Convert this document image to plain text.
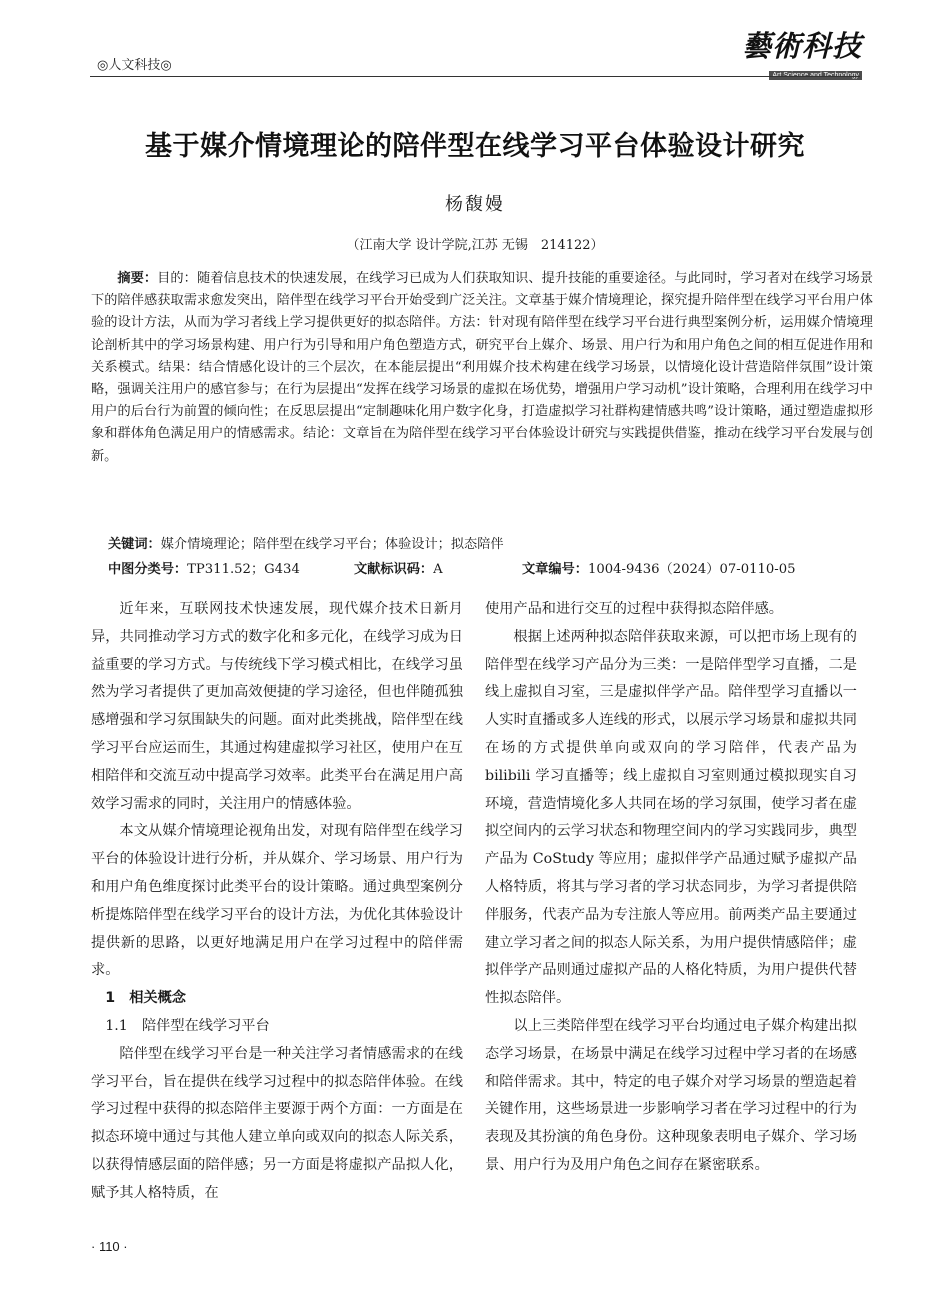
◎人文科技◎
藝術科技
基于媒介情境理论的陪伴型在线学习平台体验设计研究
杨馥嫚
（江南大学 设计学院,江苏 无锡　214122）

摘要：目的：随着信息技术的快速发展，在线学习已成为人们获取知识、提升技能的重要途径。与此同时，学习者对在线学习场景下的陪伴感获取需求愈发突出，陪伴型在线学习平台开始受到广泛关注。文章基于媒介情境理论，探究提升陪伴型在线学习平台用户体验的设计方法，从而为学习者线上学习提供更好的拟态陪伴。方法：针对现有陪伴型在线学习平台进行典型案例分析，运用媒介情境理论剖析其中的学习场景构建、用户行为引导和用户角色塑造方式，研究平台上媒介、场景、用户行为和用户角色之间的相互促进作用和关系模式。结果：结合情感化设计的三个层次，在本能层提出“利用媒介技术构建在线学习场景，以情境化设计营造陪伴氛围”设计策略，强调关注用户的感官参与；在行为层提出“发挥在线学习场景的虚拟在场优势，增强用户学习动机”设计策略，合理利用在线学习中用户的后台行为前置的倾向性；在反思层提出“定制趣味化用户数字化身，打造虚拟学习社群构建情感共鸣”设计策略，通过塑造虚拟形象和群体角色满足用户的情感需求。结论：文章旨在为陪伴型在线学习平台体验设计研究与实践提供借鉴，推动在线学习平台发展与创新。

关键词：媒介情境理论；陪伴型在线学习平台；体验设计；拟态陪伴
中图分类号：TP311.52；G434	文献标识码：A	文章编号：1004-9436（2024）07-0110-05

近年来，互联网技术快速发展，现代媒介技术日新月异，共同推动学习方式的数字化和多元化，在线学习成为日益重要的学习方式。与传统线下学习模式相比，在线学习虽然为学习者提供了更加高效便捷的学习途径，但也伴随孤独感增强和学习氛围缺失的问题。面对此类挑战，陪伴型在线学习平台应运而生，其通过构建虚拟学习社区，使用户在互相陪伴和交流互动中提高学习效率。此类平台在满足用户高效学习需求的同时，关注用户的情感体验。

本文从媒介情境理论视角出发，对现有陪伴型在线学习平台的体验设计进行分析，并从媒介、学习场景、用户行为和用户角色维度探讨此类平台的设计策略。通过典型案例分析提炼陪伴型在线学习平台的设计方法，为优化其体验设计提供新的思路，以更好地满足用户在学习过程中的陪伴需求。

1　相关概念

1.1　陪伴型在线学习平台

陪伴型在线学习平台是一种关注学习者情感需求的在线学习平台，旨在提供在线学习过程中的拟态陪伴体验。在线学习过程中获得的拟态陪伴主要源于两个方面：一方面是在拟态环境中通过与其他人建立单向或双向的拟态人际关系，以获得情感层面的陪伴感；另一方面是将虚拟产品拟人化，赋予其人格特质，在

使用产品和进行交互的过程中获得拟态陪伴感。

根据上述两种拟态陪伴获取来源，可以把市场上现有的陪伴型在线学习产品分为三类：一是陪伴型学习直播，二是线上虚拟自习室，三是虚拟伴学产品。陪伴型学习直播以一人实时直播或多人连线的形式，以展示学习场景和虚拟共同在场的方式提供单向或双向的学习陪伴，代表产品为 bilibili 学习直播等；线上虚拟自习室则通过模拟现实自习环境，营造情境化多人共同在场的学习氛围，使学习者在虚拟空间内的云学习状态和物理空间内的学习实践同步，典型产品为 CoStudy 等应用；虚拟伴学产品通过赋予虚拟产品人格特质，将其与学习者的学习状态同步，为学习者提供陪伴服务，代表产品为专注旅人等应用。前两类产品主要通过建立学习者之间的拟态人际关系，为用户提供情感陪伴；虚拟伴学产品则通过虚拟产品的人格化特质，为用户提供代替性拟态陪伴。

以上三类陪伴型在线学习平台均通过电子媒介构建出拟态学习场景，在场景中满足在线学习过程中学习者的在场感和陪伴需求。其中，特定的电子媒介对学习场景的塑造起着关键作用，这些场景进一步影响学习者在学习过程中的行为表现及其扮演的角色身份。这种现象表明电子媒介、学习场景、用户行为及用户角色之间存在紧密联系。

· 110 ·
